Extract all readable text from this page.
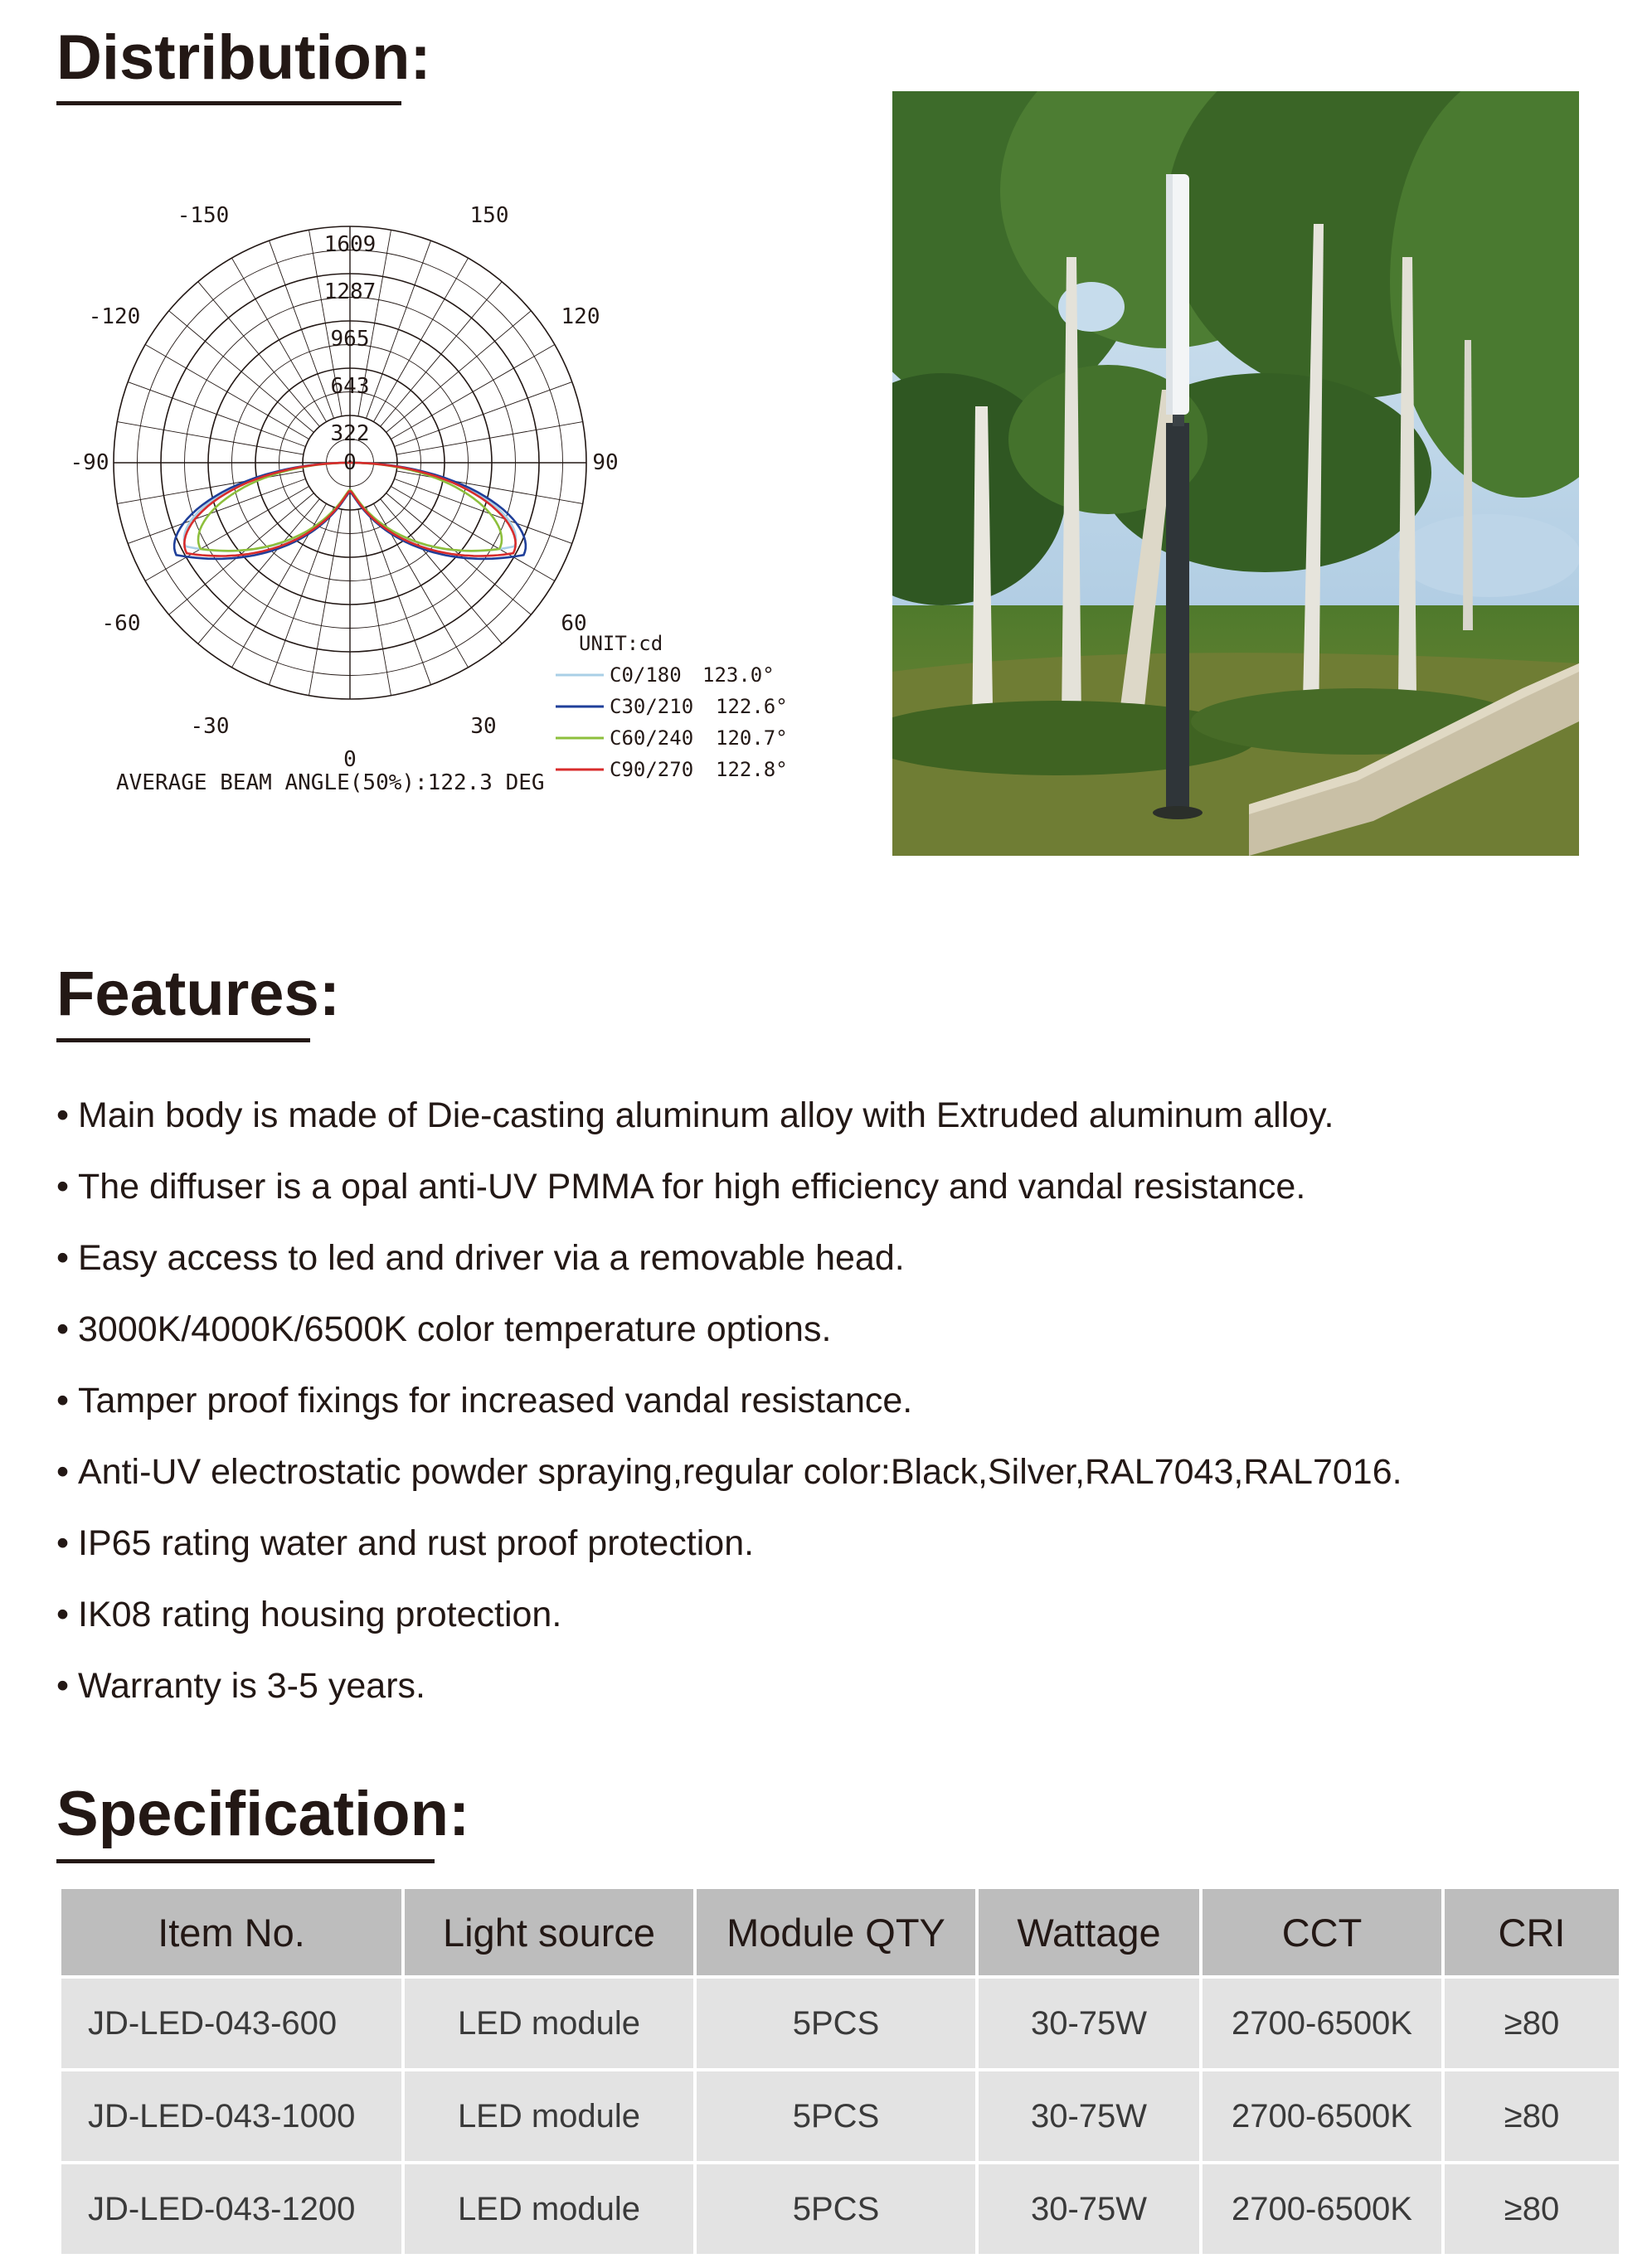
Distribution:
1609
1287
965
643
322
-150	150
-120	120
-90	90
-60	60
-30	30
0
0
AVERAGE BEAM ANGLE(50%):122.3 DEG
UNIT:cd
C0/180 123.0°
C30/210 122.6°
C60/240 120.7°
C90/270 122.8°
Features:
• Main body is made of Die-casting aluminum alloy with Extruded aluminum alloy.
• The diffuser is a opal anti-UV PMMA for high efficiency and vandal resistance.
• Easy access to led and driver via a removable head.
• 3000K/4000K/6500K color temperature options.
• Tamper proof fixings for increased vandal resistance.
• Anti-UV electrostatic powder spraying,regular color:Black,Silver,RAL7043,RAL7016.
• IP65 rating water and rust proof protection.
• IK08 rating housing protection.
• Warranty is 3-5 years.
Specification:
Item No.	Light source	Module QTY	Wattage	CCT	CRI
JD-LED-043-600	LED module	5PCS	30-75W	2700-6500K	≥80
JD-LED-043-1000	LED module	5PCS	30-75W	2700-6500K	≥80
JD-LED-043-1200	LED module	5PCS	30-75W	2700-6500K	≥80
